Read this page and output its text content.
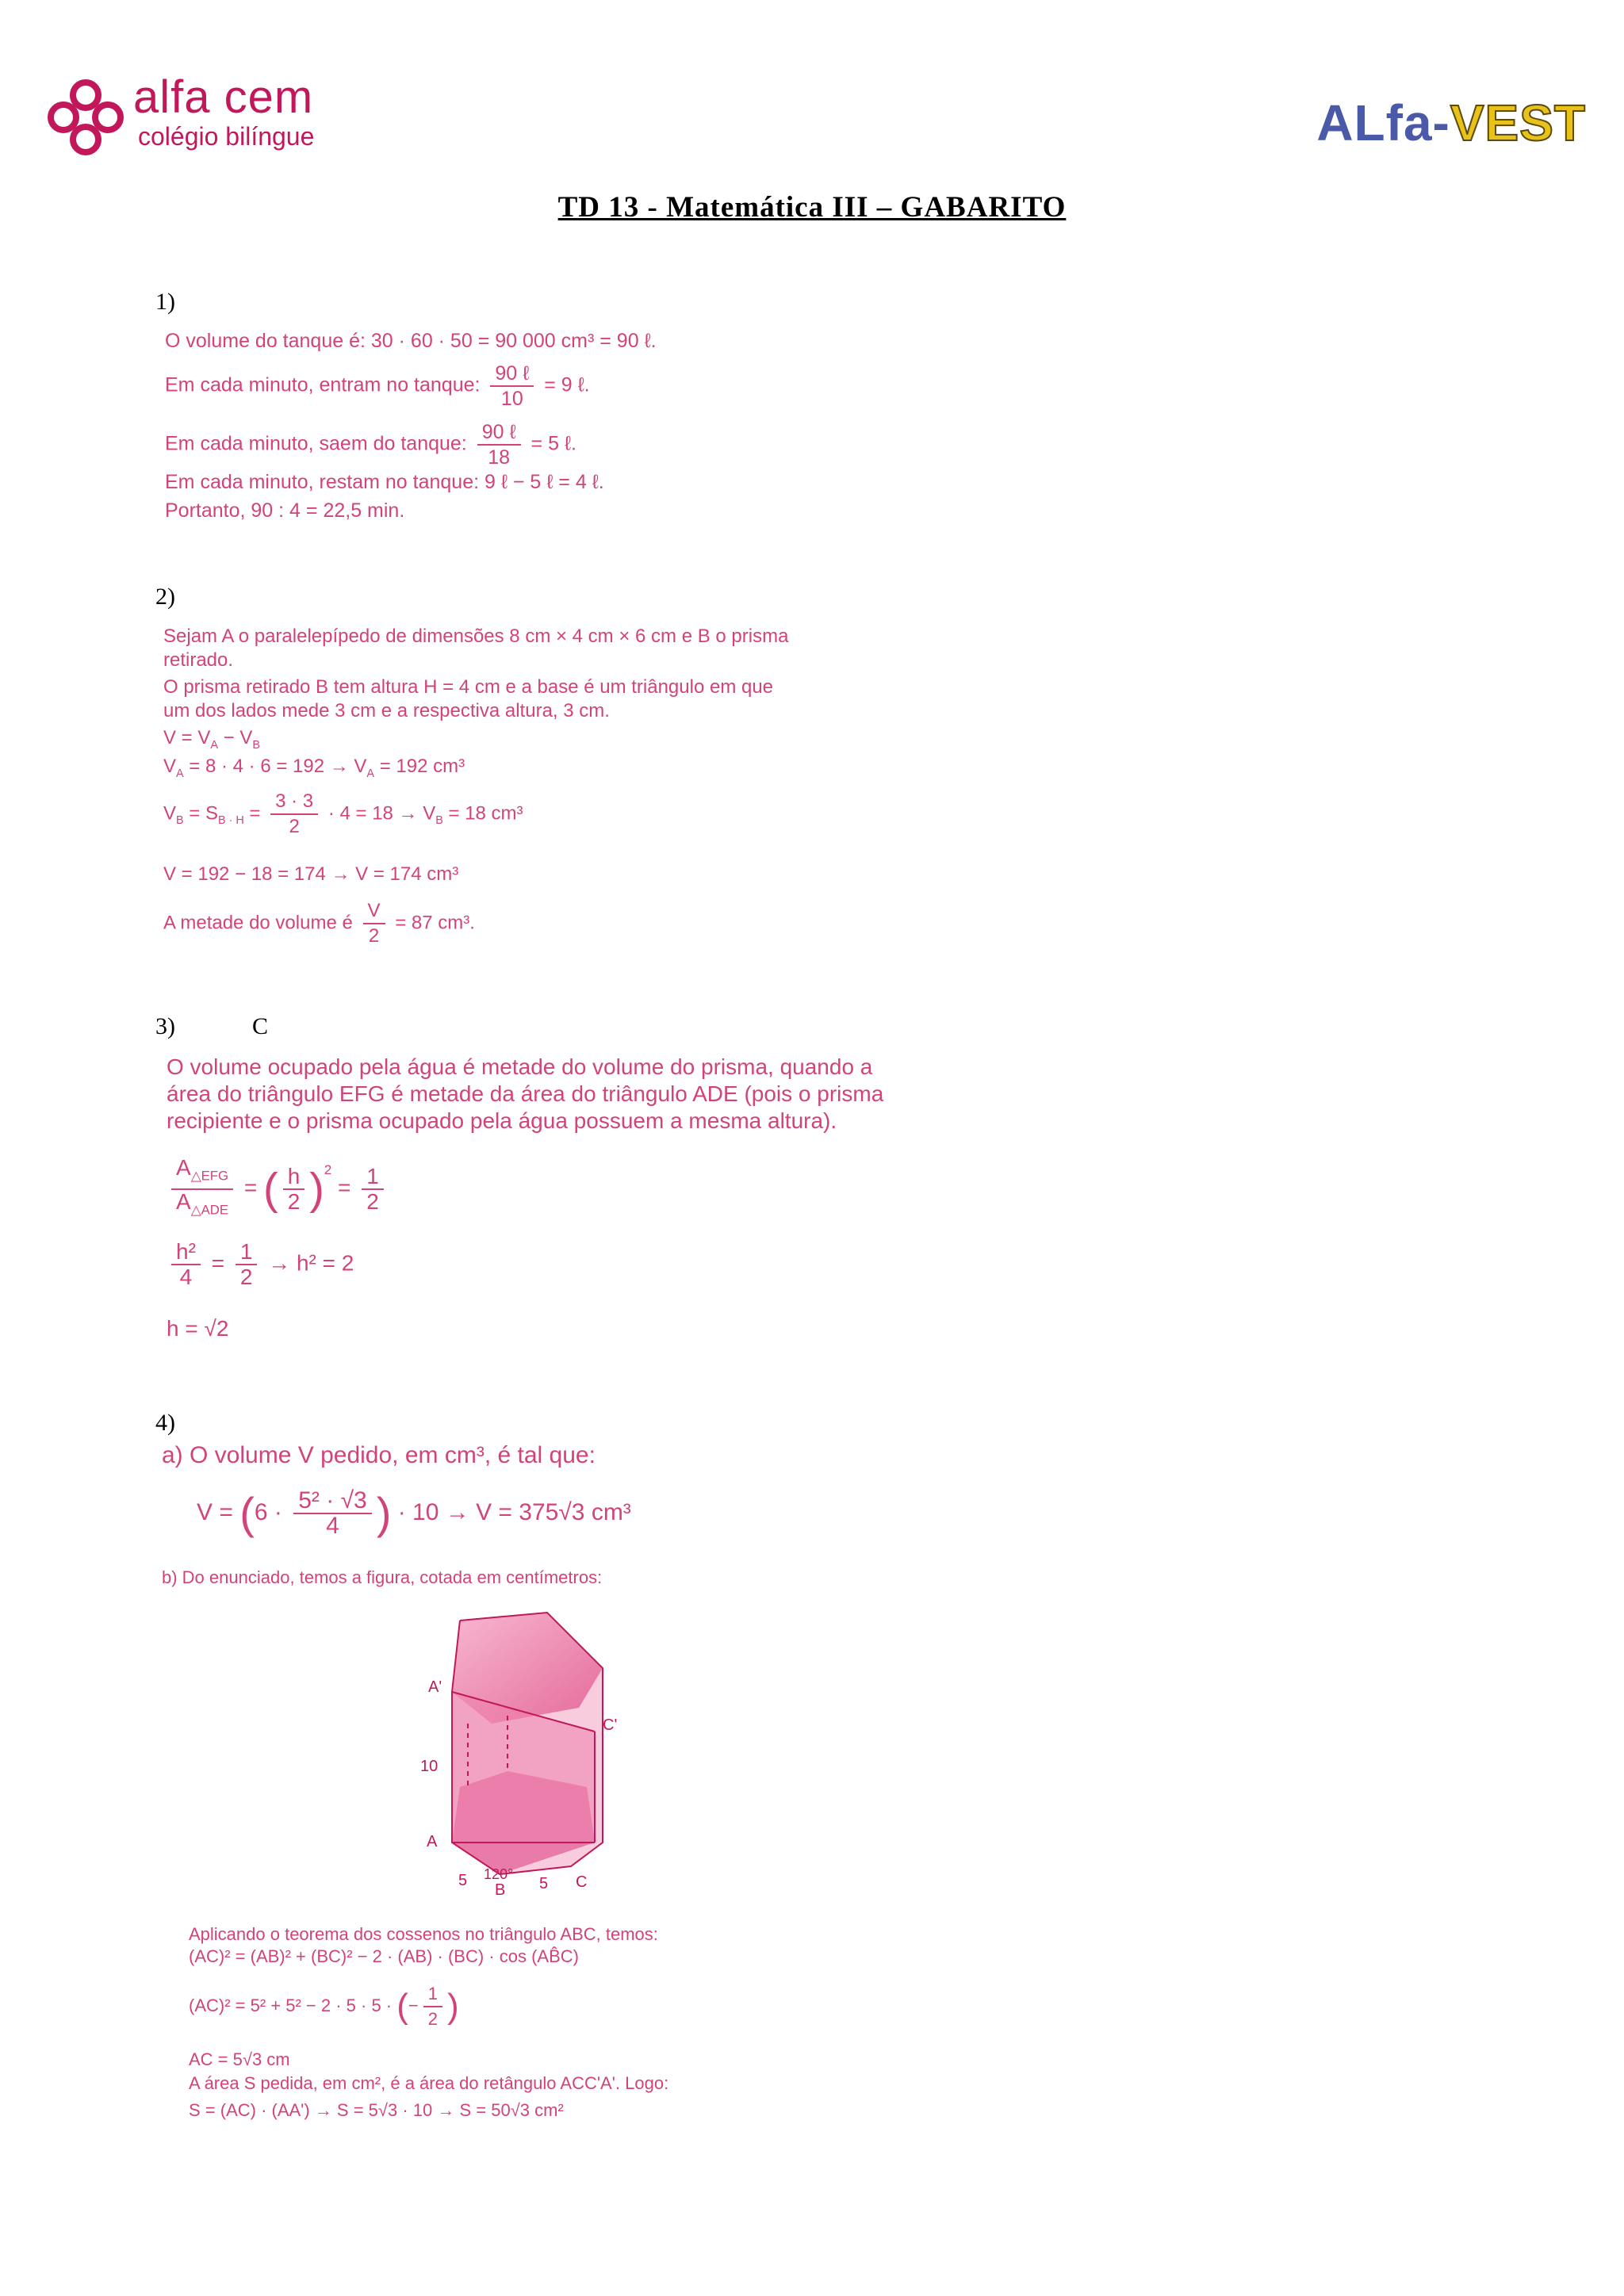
alfa cem
colégio bilíngue	ALfa-VEST
TD 13 - Matemática III – GABARITO
1)
O volume do tanque é: 30 · 60 · 50 = 90 000 cm³ = 90 ℓ.
Em cada minuto, entram no tanque: $\frac{\text{90 ℓ}}{10} = 9$ ℓ.
Em cada minuto, saem do tanque: $\frac{\text{90 ℓ}}{18} = 5$ ℓ.
Em cada minuto, restam no tanque: 9 ℓ − 5 ℓ = 4 ℓ.
Portanto, 90 : 4 = 22,5 min.
2)
Sejam A o paralelepípedo de dimensões 8 cm × 4 cm × 6 cm e B o prisma
retirado.
O prisma retirado B tem altura H = 4 cm e a base é um triângulo em que
um dos lados mede 3 cm e a respectiva altura, 3 cm.
$V = V_A - V_B$
$V_A = 8 \cdot 4 \cdot 6 = 192 \to V_A = 192$ cm³
$V_B = S_{B \cdot H} = \frac{3 \cdot 3}{2} \cdot 4 = 18 \to V_B = 18$ cm³
V = 192 − 18 = 174 → V = 174 cm³
A metade do volume é $\frac{V}{2} = 87$ cm³.
3)	C
O volume ocupado pela água é metade do volume do prisma, quando a
área do triângulo EFG é metade da área do triângulo ADE (pois o prisma
recipiente e o prisma ocupado pela água possuem a mesma altura).
$\frac{A_{\triangle EFG}}{A_{\triangle ADE}}$ = ( $\frac{h}{2} )^2 = \frac{1}{2}$
$\frac{\text{h²}}{4} = \frac{1}{2} \to h^2 = 2$
h = √2
4)
a) O volume V pedido, em cm³, é tal que:
$V = (6 \cdot \frac{\text{5² · √3}}{4}$ ) · 10 → V = 375√3 cm³
b) Do enunciado, temos a figura, cotada em centímetros:
A'
10
C'
A
5 120°
5
B	C
Aplicando o teorema dos cossenos no triângulo ABC, temos:
(AC)² = (AB)² + (BC)² − 2 · (AB) · (BC) · cos (AB̂C)
(AC)² = 5² + 5² − 2 · 5 · 5 · (− $\frac{1}{2}$ )
AC = 5√3 cm
A área S pedida, em cm², é a área do retângulo ACC'A'. Logo:
S = (AC) · (AA') → S = 5√3 · 10 → S = 50√3 cm²
